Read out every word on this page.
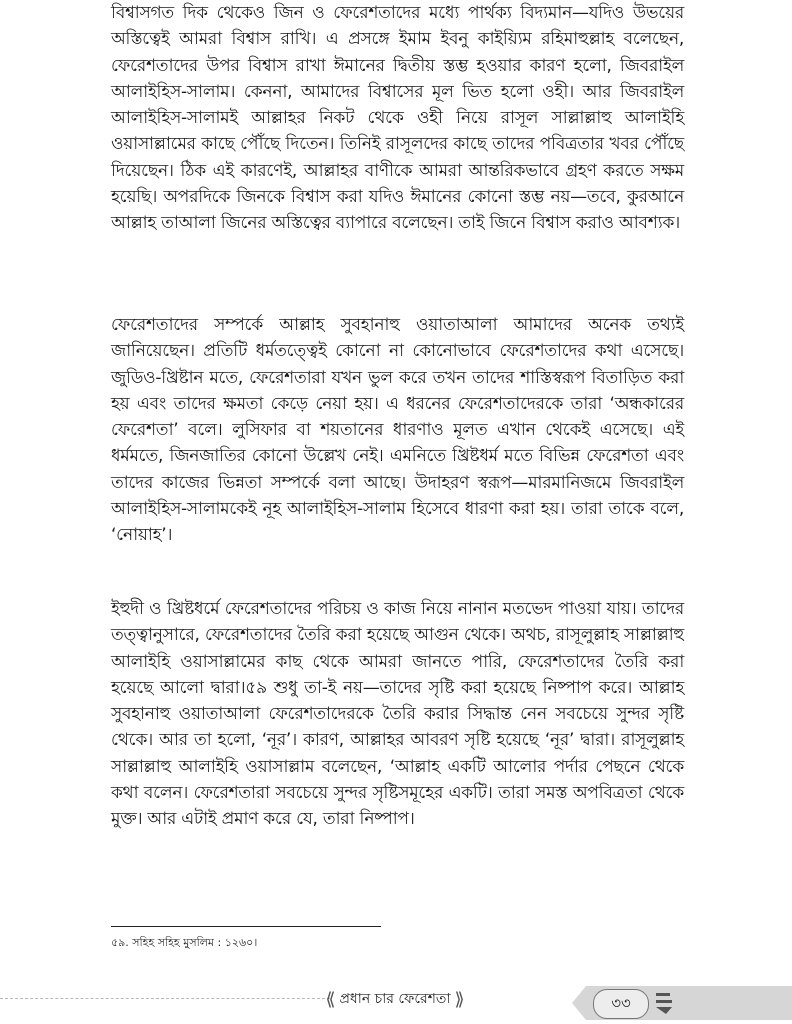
বিশ্বাসগত দিক থেকেও জিন ও ফেরেশতাদের মধ্যে পার্থক্য বিদ্যমান—যদিও উভয়ের অস্তিত্বেই আমরা বিশ্বাস রাখি। এ প্রসঙ্গে ইমাম ইবনু কাইয়্যিম রহিমাহুল্লাহ বলেছেন, ফেরেশতাদের উপর বিশ্বাস রাখা ঈমানের দ্বিতীয় স্তম্ভ হওয়ার কারণ হলো, জিবরাইল আলাইহিস-সালাম। কেননা, আমাদের বিশ্বাসের মূল ভিত হলো ওহী। আর জিবরাইল আলাইহিস-সালামই আল্লাহর নিকট থেকে ওহী নিয়ে রাসূল সাল্লাল্লাহু আলাইহি ওয়াসাল্লামের কাছে পৌঁছে দিতেন। তিনিই রাসূলদের কাছে তাদের পবিত্রতার খবর পৌঁছে দিয়েছেন। ঠিক এই কারণেই, আল্লাহর বাণীকে আমরা আন্তরিকভাবে গ্রহণ করতে সক্ষম হয়েছি। অপরদিকে জিনকে বিশ্বাস করা যদিও ঈমানের কোনো স্তম্ভ নয়—তবে, কুরআনে আল্লাহ তাআলা জিনের অস্তিত্বের ব্যাপারে বলেছেন। তাই জিনে বিশ্বাস করাও আবশ্যক।

ফেরেশতাদের সম্পর্কে আল্লাহ সুবহানাহু ওয়াতাআলা আমাদের অনেক তথ্যই জানিয়েছেন। প্রতিটি ধর্মতত্ত্বেই কোনো না কোনোভাবে ফেরেশতাদের কথা এসেছে। জুডিও-খ্রিষ্টান মতে, ফেরেশতারা যখন ভুল করে তখন তাদের শাস্তিস্বরূপ বিতাড়িত করা হয় এবং তাদের ক্ষমতা কেড়ে নেয়া হয়। এ ধরনের ফেরেশতাদেরকে তারা ‘অন্ধকারের ফেরেশতা’ বলে। লুসিফার বা শয়তানের ধারণাও মূলত এখান থেকেই এসেছে। এই ধর্মমতে, জিনজাতির কোনো উল্লেখ নেই। এমনিতে খ্রিষ্টধর্ম মতে বিভিন্ন ফেরেশতা এবং তাদের কাজের ভিন্নতা সম্পর্কে বলা আছে। উদাহরণ স্বরূপ—মারমানিজমে জিবরাইল আলাইহিস-সালামকেই নূহ আলাইহিস-সালাম হিসেবে ধারণা করা হয়। তারা তাকে বলে, ‘নোয়াহ’।

ইহুদী ও খ্রিষ্টধর্মে ফেরেশতাদের পরিচয় ও কাজ নিয়ে নানান মতভেদ পাওয়া যায়। তাদের তত্ত্বানুসারে, ফেরেশতাদের তৈরি করা হয়েছে আগুন থেকে। অথচ, রাসূলুল্লাহ সাল্লাল্লাহু আলাইহি ওয়াসাল্লামের কাছ থেকে আমরা জানতে পারি, ফেরেশতাদের তৈরি করা হয়েছে আলো দ্বারা।৫৯ শুধু তা-ই নয়—তাদের সৃষ্টি করা হয়েছে নিষ্পাপ করে। আল্লাহ সুবহানাহু ওয়াতাআলা ফেরেশতাদেরকে তৈরি করার সিদ্ধান্ত নেন সবচেয়ে সুন্দর সৃষ্টি থেকে। আর তা হলো, ‘নূর’। কারণ, আল্লাহর আবরণ সৃষ্টি হয়েছে ‘নূর’ দ্বারা। রাসূলুল্লাহ সাল্লাল্লাহু আলাইহি ওয়াসাল্লাম বলেছেন, ‘আল্লাহ একটি আলোর পর্দার পেছনে থেকে কথা বলেন। ফেরেশতারা সবচেয়ে সুন্দর সৃষ্টিসমূহের একটি। তারা সমস্ত অপবিত্রতা থেকে মুক্ত। আর এটাই প্রমাণ করে যে, তারা নিষ্পাপ।

৫৯. সহিহ সহিহ মুসলিম : ১২৬০।
⟪ প্রধান চার ফেরেশতা ⟫	৩৩
